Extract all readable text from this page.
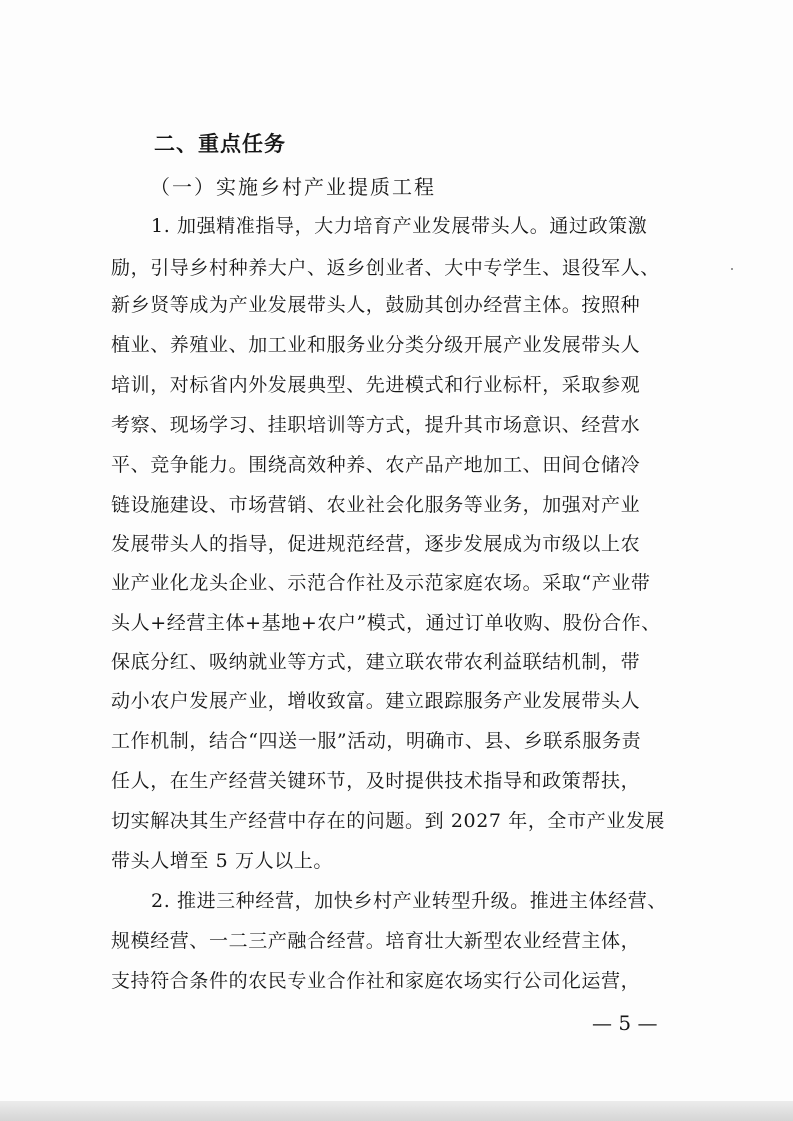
二、重点任务
（一）实施乡村产业提质工程
1. 加强精准指导，大力培育产业发展带头人。通过政策激
励，引导乡村种养大户、返乡创业者、大中专学生、退役军人、
新乡贤等成为产业发展带头人，鼓励其创办经营主体。按照种
植业、养殖业、加工业和服务业分类分级开展产业发展带头人
培训，对标省内外发展典型、先进模式和行业标杆，采取参观
考察、现场学习、挂职培训等方式，提升其市场意识、经营水
平、竞争能力。围绕高效种养、农产品产地加工、田间仓储冷
链设施建设、市场营销、农业社会化服务等业务，加强对产业
发展带头人的指导，促进规范经营，逐步发展成为市级以上农
业产业化龙头企业、示范合作社及示范家庭农场。采取“产业带
头人+经营主体+基地+农户”模式，通过订单收购、股份合作、
保底分红、吸纳就业等方式，建立联农带农利益联结机制，带
动小农户发展产业，增收致富。建立跟踪服务产业发展带头人
工作机制，结合“四送一服”活动，明确市、县、乡联系服务责
任人，在生产经营关键环节，及时提供技术指导和政策帮扶，
切实解决其生产经营中存在的问题。到 2027 年，全市产业发展
带头人增至 5 万人以上。
2. 推进三种经营，加快乡村产业转型升级。推进主体经营、
规模经营、一二三产融合经营。培育壮大新型农业经营主体，
支持符合条件的农民专业合作社和家庭农场实行公司化运营，
— 5 —
